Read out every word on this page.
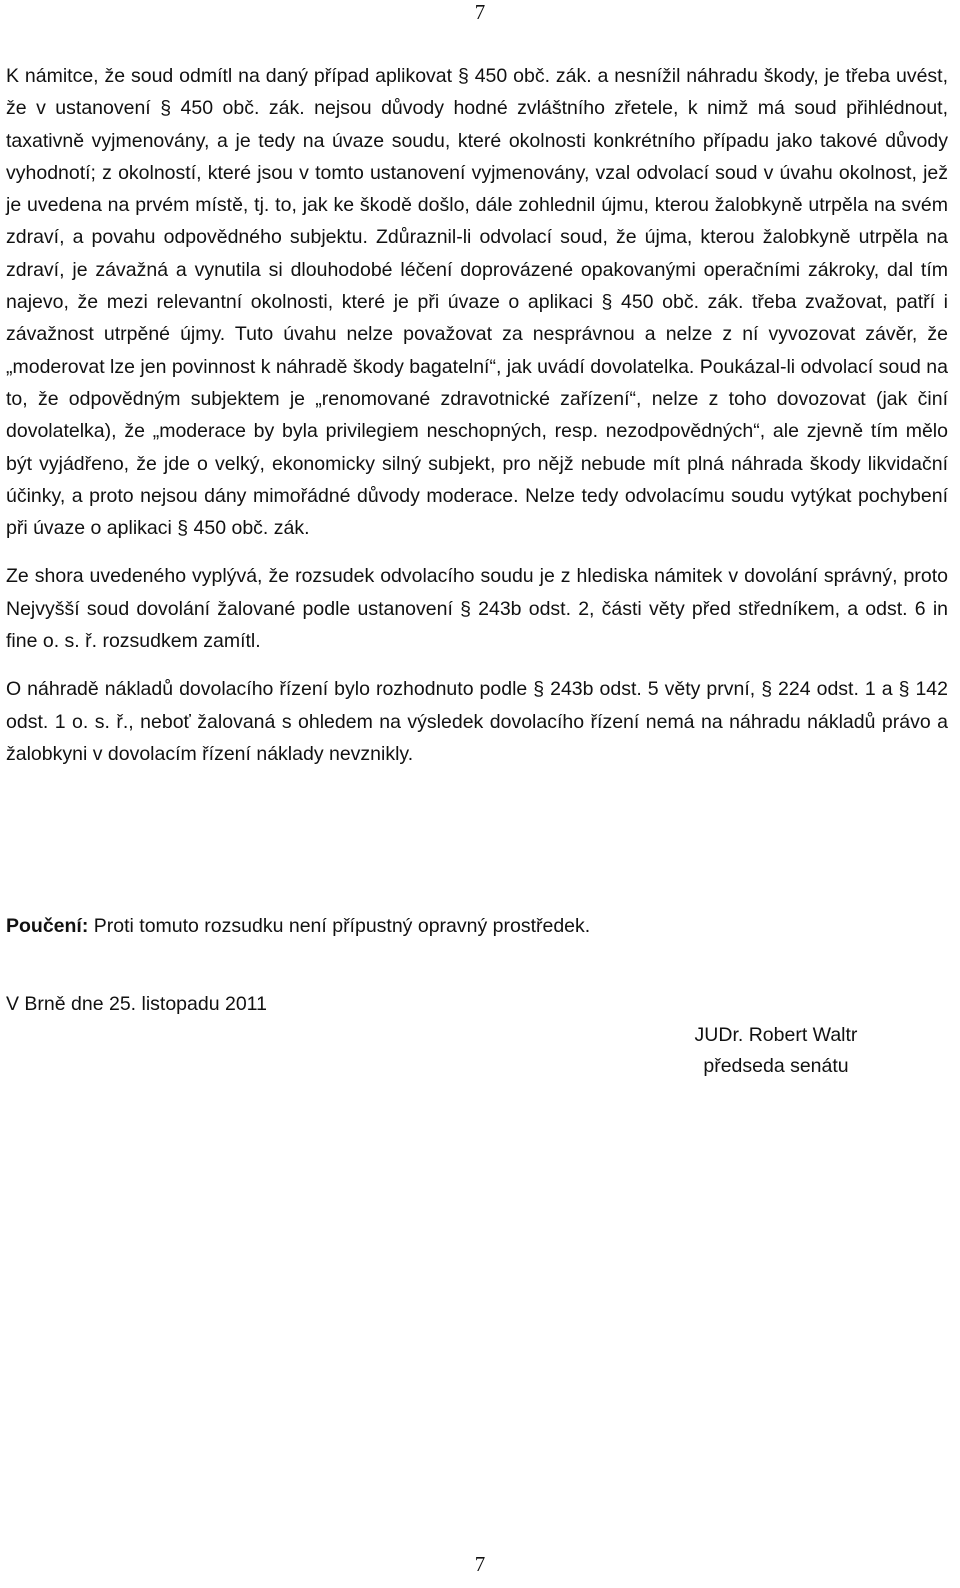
7

K námitce, že soud odmítl na daný případ aplikovat § 450 obč. zák. a nesnížil náhradu škody, je třeba uvést, že v ustanovení § 450 obč. zák. nejsou důvody hodné zvláštního zřetele, k nimž má soud přihlédnout, taxativně vyjmenovány, a je tedy na úvaze soudu, které okolnosti konkrétního případu jako takové důvody vyhodnotí; z okolností, které jsou v tomto ustanovení vyjmenovány, vzal odvolací soud v úvahu okolnost, jež je uvedena na prvém místě, tj. to, jak ke škodě došlo, dále zohlednil újmu, kterou žalobkyně utrpěla na svém zdraví, a povahu odpovědného subjektu. Zdůraznil-li odvolací soud, že újma, kterou žalobkyně utrpěla na zdraví, je závažná a vynutila si dlouhodobé léčení doprovázené opakovanými operačními zákroky, dal tím najevo, že mezi relevantní okolnosti, které je při úvaze o aplikaci § 450 obč. zák. třeba zvažovat, patří i závažnost utrpěné újmy. Tuto úvahu nelze považovat za nesprávnou a nelze z ní vyvozovat závěr, že „moderovat lze jen povinnost k náhradě škody bagatelní“, jak uvádí dovolatelka. Poukázal-li odvolací soud na to, že odpovědným subjektem je „renomované zdravotnické zařízení“, nelze z toho dovozovat (jak činí dovolatelka), že „moderace by byla privilegiem neschopných, resp. nezodpovědných“, ale zjevně tím mělo být vyjádřeno, že jde o velký, ekonomicky silný subjekt, pro nějž nebude mít plná náhrada škody likvidační účinky, a proto nejsou dány mimořádné důvody moderace. Nelze tedy odvolacímu soudu vytýkat pochybení při úvaze o aplikaci § 450 obč. zák.

Ze shora uvedeného vyplývá, že rozsudek odvolacího soudu je z hlediska námitek v dovolání správný, proto Nejvyšší soud dovolání žalované podle ustanovení § 243b odst. 2, části věty před středníkem, a odst. 6 in fine o. s. ř. rozsudkem zamítl.

O náhradě nákladů dovolacího řízení bylo rozhodnuto podle § 243b odst. 5 věty první, § 224 odst. 1 a § 142 odst. 1 o. s. ř., neboť žalovaná s ohledem na výsledek dovolacího řízení nemá na náhradu nákladů právo a žalobkyni v dovolacím řízení náklady nevznikly.

Poučení: Proti tomuto rozsudku není přípustný opravný prostředek.

V Brně dne 25. listopadu 2011

JUDr. Robert Waltr
předseda senátu
7
